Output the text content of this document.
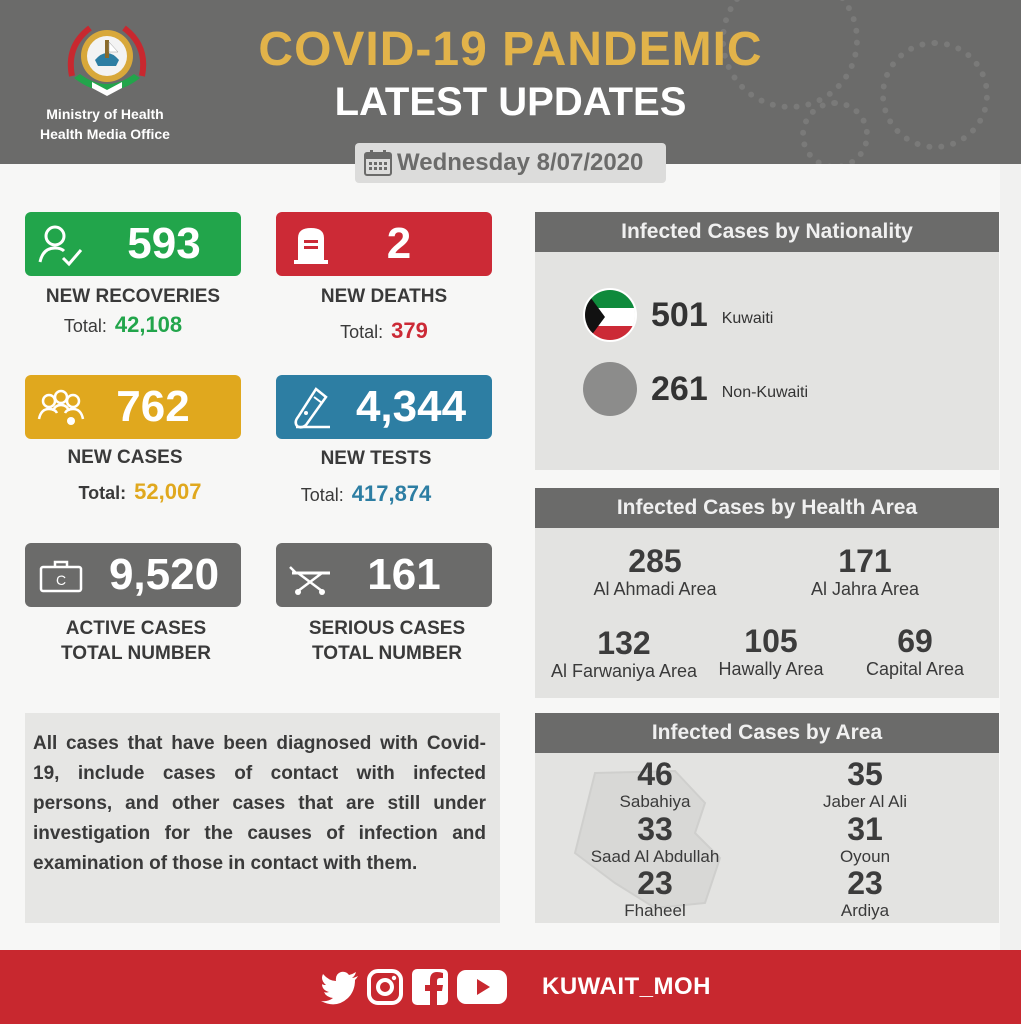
Ministry of Health
Health Media Office
COVID-19 PANDEMIC
LATEST UPDATES
Wednesday 8/07/2020
593
NEW RECOVERIES
Total: 42,108
2
NEW DEATHS
Total: 379
762
NEW CASES
Total: 52,007
4,344
NEW TESTS
Total: 417,874
C 9,520
ACTIVE CASES
TOTAL NUMBER
161
SERIOUS CASES
TOTAL NUMBER
All cases that have been diagnosed with Covid-19, include cases of contact with infected persons, and other cases that are still under investigation for the causes of infection and examination of those in contact with them.
Infected Cases by Nationality
501 Kuwaiti
261 Non-Kuwaiti
Infected Cases by Health Area
285
Al Ahmadi Area
171
Al Jahra Area
132
Al Farwaniya Area
105
Hawally Area
69
Capital Area
Infected Cases by Area
46
Sabahiya
35
Jaber Al Ali
33
Saad Al Abdullah
31
Oyoun
23
Fhaheel
23
Ardiya
KUWAIT_MOH
